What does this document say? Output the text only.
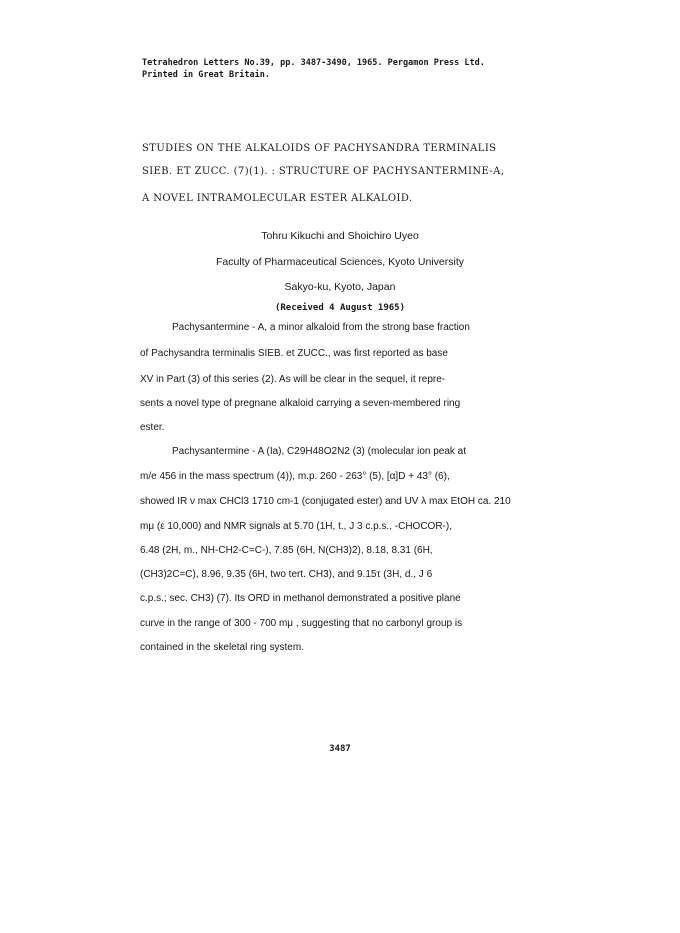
Tetrahedron Letters No.39, pp. 3487-3490, 1965. Pergamon Press Ltd.
Printed in Great Britain.
STUDIES ON THE ALKALOIDS OF PACHYSANDRA TERMINALIS
SIEB. ET ZUCC. (7)(1). : STRUCTURE OF PACHYSANTERMINE-A,
A NOVEL INTRAMOLECULAR ESTER ALKALOID.
Tohru Kikuchi and Shoichiro Uyeo
Faculty of Pharmaceutical Sciences, Kyoto University
Sakyo-ku, Kyoto, Japan
(Received 4 August 1965)
Pachysantermine - A, a minor alkaloid from the strong base fraction
of Pachysandra terminalis SIEB. et ZUCC., was first reported as base
XV in Part (3) of this series (2). As will be clear in the sequel, it repre-
sents a novel type of pregnane alkaloid carrying a seven-membered ring
ester.
Pachysantermine - A (Ia), C29H48O2N2 (3) (molecular ion peak at
m/e 456 in the mass spectrum (4)), m.p. 260 - 263° (5), [α]D + 43° (6),
showed IR ν max CHCl3 1710 cm-1 (conjugated ester) and UV λ max EtOH ca. 210
mμ (ε 10,000) and NMR signals at 5.70 (1H, t., J 3 c.p.s., -CHOCOR-),
6.48 (2H, m., NH-CH2-C=C-), 7.85 (6H, N(CH3)2), 8.18, 8.31 (6H,
(CH3)2C=C), 8.96, 9.35 (6H, two tert. CH3), and 9.15τ (3H, d., J 6
c.p.s.; sec. CH3) (7). Its ORD in methanol demonstrated a positive plane
curve in the range of 300 - 700 mμ , suggesting that no carbonyl group is
contained in the skeletal ring system.
3487
